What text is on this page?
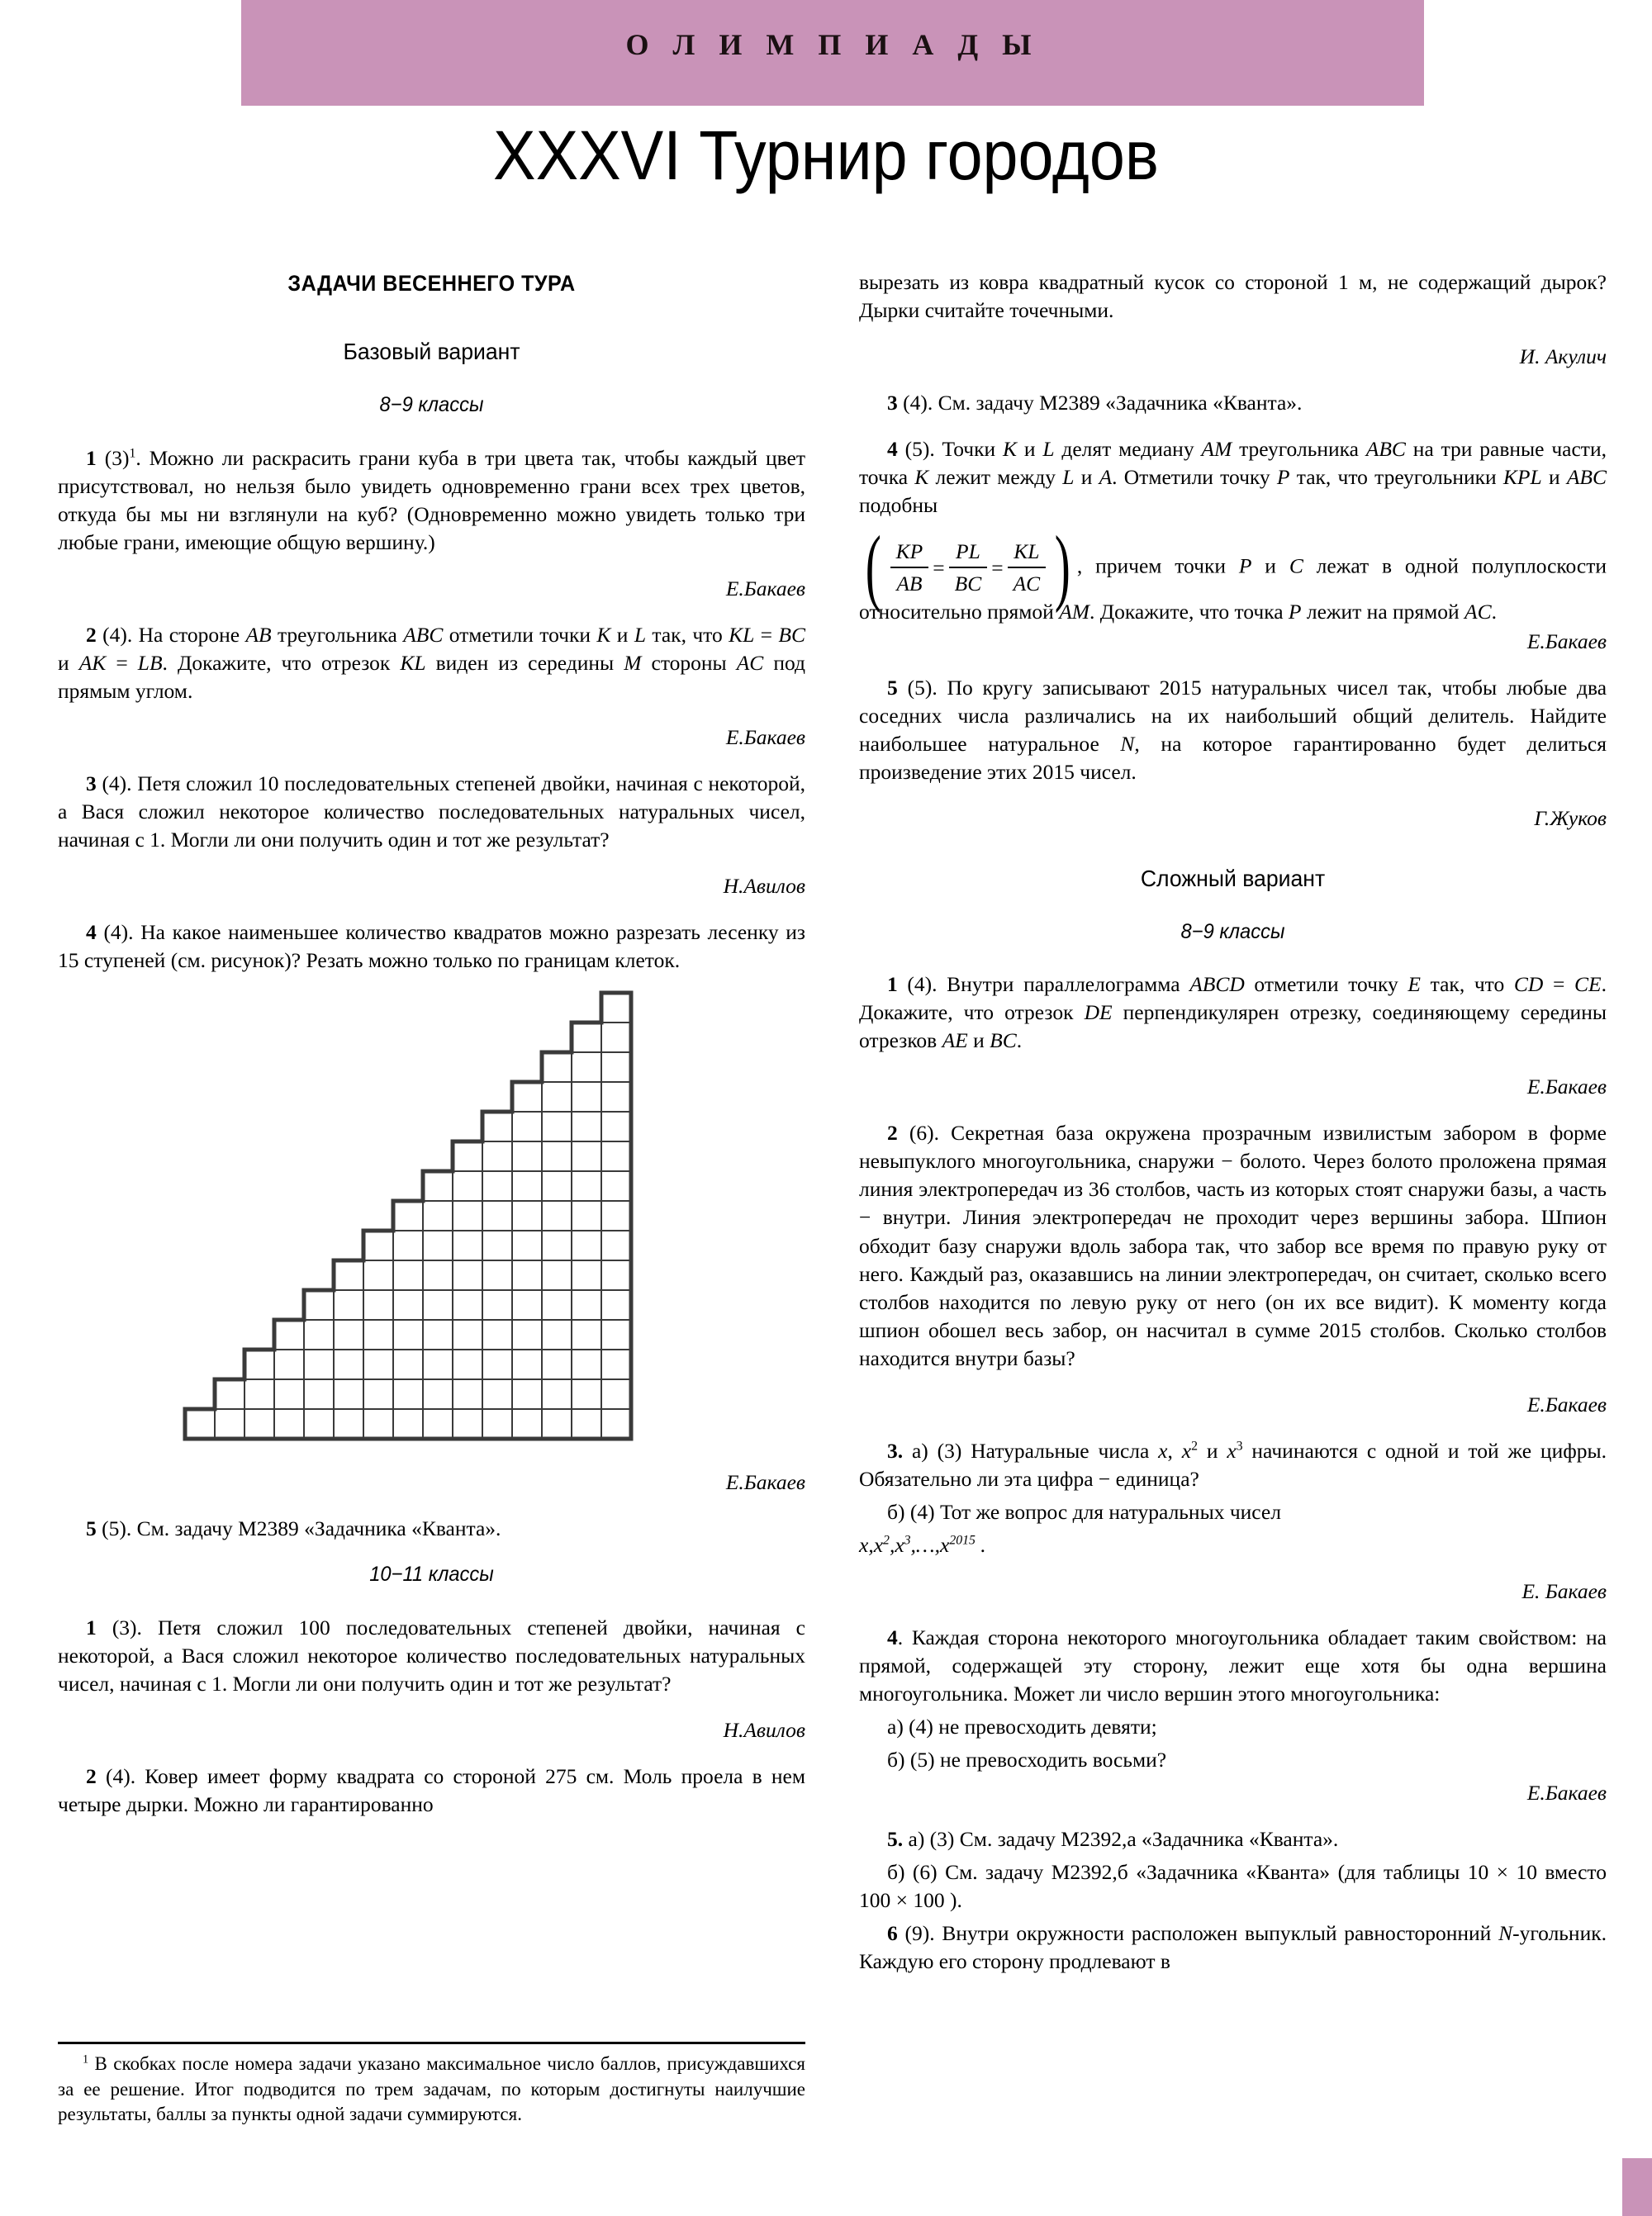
О Л И М П И А Д Ы
XXXVI Турнир городов
ЗАДАЧИ ВЕСЕННЕГО ТУРА
Базовый вариант
8−9 классы
1 $(3)^1$. Можно ли раскрасить грани куба в три цвета так, чтобы каждый цвет присутствовал, но нельзя было увидеть одновременно грани всех трех цветов, откуда бы мы ни взглянули на куб? (Одновременно можно увидеть только три любые грани, имеющие общую вершину.)
Е.Бакаев
2 (4). На стороне AB треугольника ABC отметили точки K и L так, что KL = BC и AK = LB. Докажите, что отрезок KL виден из середины M стороны AC под прямым углом.
Е.Бакаев
3 (4). Петя сложил 10 последовательных степеней двойки, начиная с некоторой, а Вася сложил некоторое количество последовательных натуральных чисел, начиная с 1. Могли ли они получить один и тот же результат?
Н.Авилов
4 (4). На какое наименьшее количество квадратов можно разрезать лесенку из 15 ступеней (см. рисунок)? Резать можно только по границам клеток.
Е.Бакаев
5 (5). См. задачу М2389 «Задачника «Кванта».
10−11 классы
1 (3). Петя сложил 100 последовательных степеней двойки, начиная с некоторой, а Вася сложил некоторое количество последовательных натуральных чисел, начиная с 1. Могли ли они получить один и тот же результат?
Н.Авилов
2 (4). Ковер имеет форму квадрата со стороной 275 см. Моль проела в нем четыре дырки. Можно ли гарантированно
вырезать из ковра квадратный кусок со стороной 1 м, не содержащий дырок? Дырки считайте точечными.
И. Акулич
3 (4). См. задачу М2389 «Задачника «Кванта».
4 (5). Точки K и L делят медиану AM треугольника ABC на три равные части, точка K лежит между L и A. Отметили точку P так, что треугольники KPL и ABC подобны
( $\frac{KP}{AB} = \frac{PL}{BC} = \frac{KL}{AC}$ ) , причем точки P и C лежат в одной полуплоскости относительно прямой AM. Докажите, что точка P лежит на прямой AC.
Е.Бакаев
5 (5). По кругу записывают 2015 натуральных чисел так, чтобы любые два соседних числа различались на их наибольший общий делитель. Найдите наибольшее натуральное N, на которое гарантированно будет делиться произведение этих 2015 чисел.
Г.Жуков
Сложный вариант
8−9 классы
1 (4). Внутри параллелограмма ABCD отметили точку E так, что CD = CE. Докажите, что отрезок DE перпендикулярен отрезку, соединяющему середины отрезков AE и BC.
Е.Бакаев
2 (6). Секретная база окружена прозрачным извилистым забором в форме невыпуклого многоугольника, снаружи − болото. Через болото проложена прямая линия электропередач из 36 столбов, часть из которых стоят снаружи базы, а часть − внутри. Линия электропередач не проходит через вершины забора. Шпион обходит базу снаружи вдоль забора так, что забор все время по правую руку от него. Каждый раз, оказавшись на линии электропередач, он считает, сколько всего столбов находится по левую руку от него (он их все видит). К моменту когда шпион обошел весь забор, он насчитал в сумме 2015 столбов. Сколько столбов находится внутри базы?
Е.Бакаев
3. а) (3) Натуральные числа x, $x^2$ и $x^3$ начинаются с одной и той же цифры. Обязательно ли эта цифра − единица?
б) (4) Тот же вопрос для натуральных чисел
$x,x^2,x^3,\dots,x^{2015}$ .
Е. Бакаев
4. Каждая сторона некоторого многоугольника обладает таким свойством: на прямой, содержащей эту сторону, лежит еще хотя бы одна вершина многоугольника. Может ли число вершин этого многоугольника:
а) (4) не превосходить девяти;
б) (5) не превосходить восьми?
Е.Бакаев
5. а) (3) См. задачу М2392,а «Задачника «Кванта».
б) (6) См. задачу М2392,б «Задачника «Кванта» (для таблицы 10 × 10 вместо 100 × 100 ).
6 (9). Внутри окружности расположен выпуклый равносторонний N-угольник. Каждую его сторону продлевают в
$^1$ В скобках после номера задачи указано максимальное число баллов, присуждавшихся за ее решение. Итог подводится по трем задачам, по которым достигнуты наилучшие результаты, баллы за пункты одной задачи суммируются.
